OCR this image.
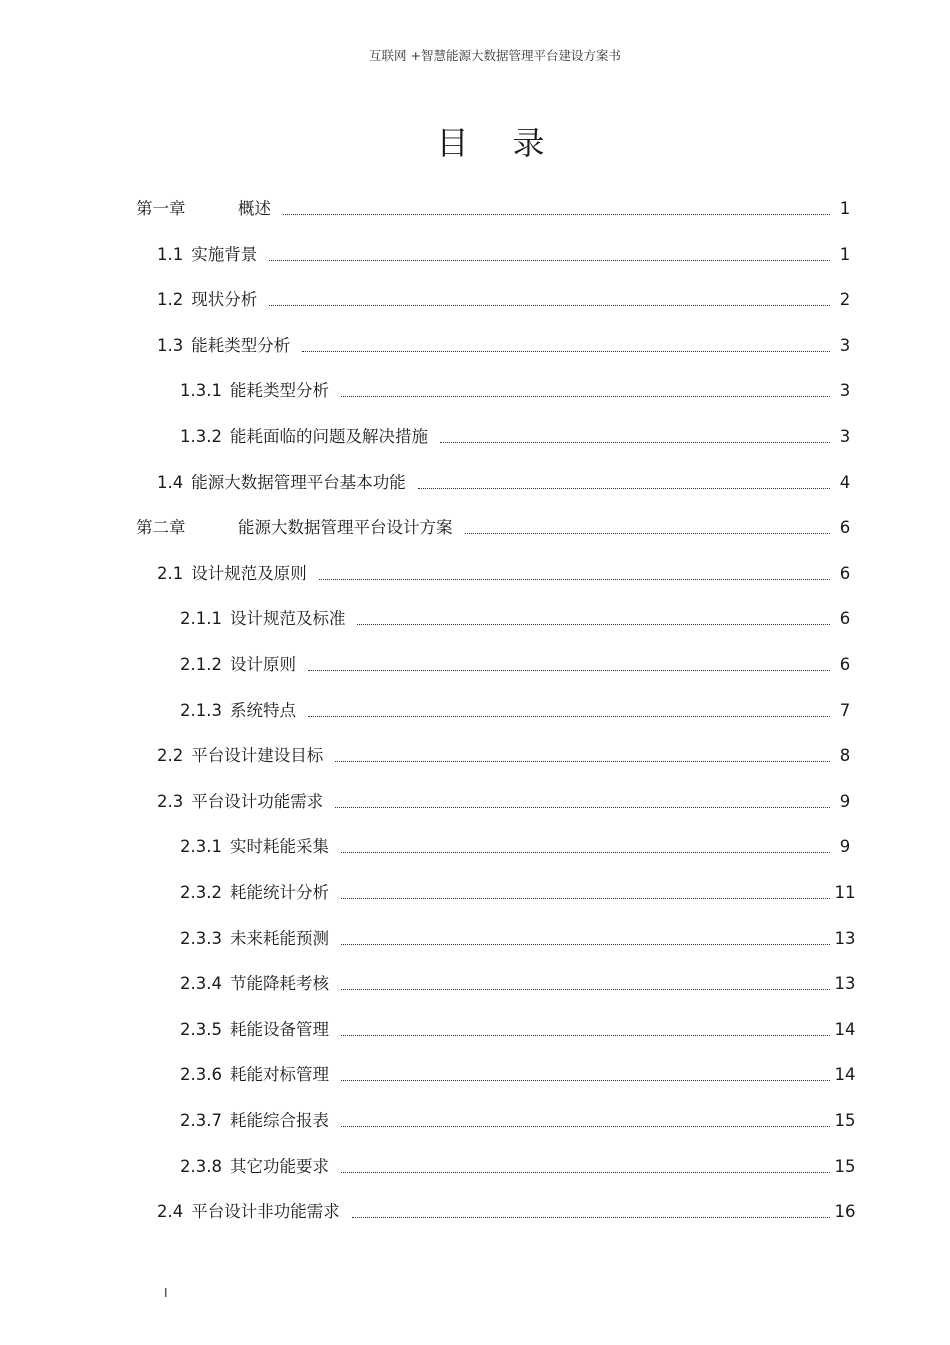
互联网 +智慧能源大数据管理平台建设方案书
目录
第一章	概述	1
1.1 实施背景	1
1.2 现状分析	2
1.3 能耗类型分析	3
1.3.1 能耗类型分析	3
1.3.2 能耗面临的问题及解决措施	3
1.4 能源大数据管理平台基本功能	4
第二章	能源大数据管理平台设计方案	6
2.1 设计规范及原则	6
2.1.1 设计规范及标准	6
2.1.2 设计原则	6
2.1.3 系统特点	7
2.2 平台设计建设目标	8
2.3 平台设计功能需求	9
2.3.1 实时耗能采集	9
2.3.2 耗能统计分析	11
2.3.3 未来耗能预测	13
2.3.4 节能降耗考核	13
2.3.5 耗能设备管理	14
2.3.6 耗能对标管理	14
2.3.7 耗能综合报表	15
2.3.8 其它功能要求	15
2.4 平台设计非功能需求	16
I
